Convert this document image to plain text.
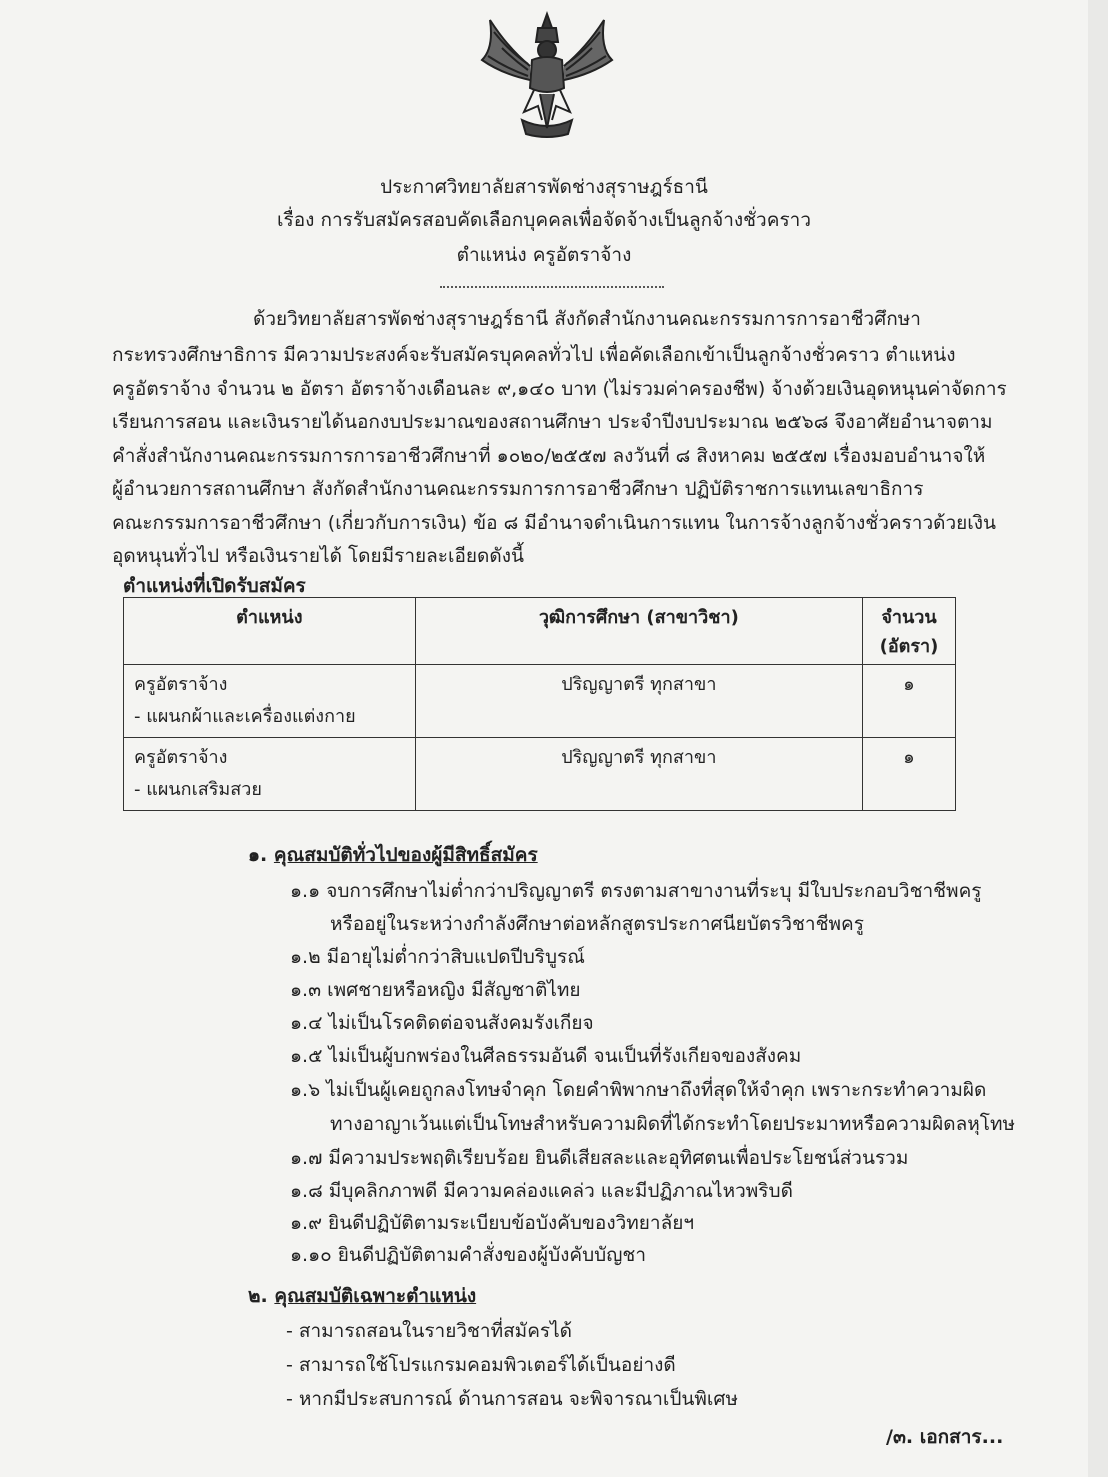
ประกาศวิทยาลัยสารพัดช่างสุราษฎร์ธานี
เรื่อง การรับสมัครสอบคัดเลือกบุคคลเพื่อจัดจ้างเป็นลูกจ้างชั่วคราว
ตำแหน่ง ครูอัตราจ้าง
ด้วยวิทยาลัยสารพัดช่างสุราษฎร์ธานี สังกัดสำนักงานคณะกรรมการการอาชีวศึกษา
กระทรวงศึกษาธิการ มีความประสงค์จะรับสมัครบุคคลทั่วไป เพื่อคัดเลือกเข้าเป็นลูกจ้างชั่วคราว ตำแหน่ง
ครูอัตราจ้าง จำนวน ๒ อัตรา อัตราจ้างเดือนละ ๙,๑๔๐ บาท (ไม่รวมค่าครองชีพ) จ้างด้วยเงินอุดหนุนค่าจัดการ
เรียนการสอน และเงินรายได้นอกงบประมาณของสถานศึกษา ประจำปีงบประมาณ ๒๕๖๘ จึงอาศัยอำนาจตาม
คำสั่งสำนักงานคณะกรรมการการอาชีวศึกษาที่ ๑๐๒๐/๒๕๕๗ ลงวันที่ ๘ สิงหาคม ๒๕๕๗ เรื่องมอบอำนาจให้
ผู้อำนวยการสถานศึกษา สังกัดสำนักงานคณะกรรมการการอาชีวศึกษา ปฏิบัติราชการแทนเลขาธิการ
คณะกรรมการอาชีวศึกษา (เกี่ยวกับการเงิน) ข้อ ๘ มีอำนาจดำเนินการแทน ในการจ้างลูกจ้างชั่วคราวด้วยเงิน
อุดหนุนทั่วไป หรือเงินรายได้ โดยมีรายละเอียดดังนี้
ตำแหน่งที่เปิดรับสมัคร
ตำแหน่ง	วุฒิการศึกษา (สาขาวิชา)	จำนวน
(อัตรา)
ครูอัตราจ้าง
- แผนกผ้าและเครื่องแต่งกาย	ปริญญาตรี ทุกสาขา	๑
ครูอัตราจ้าง
- แผนกเสริมสวย	ปริญญาตรี ทุกสาขา	๑
๑. คุณสมบัติทั่วไปของผู้มีสิทธิ์สมัคร
๑.๑ จบการศึกษาไม่ต่ำกว่าปริญญาตรี ตรงตามสาขางานที่ระบุ มีใบประกอบวิชาชีพครู
หรืออยู่ในระหว่างกำลังศึกษาต่อหลักสูตรประกาศนียบัตรวิชาชีพครู
๑.๒ มีอายุไม่ต่ำกว่าสิบแปดปีบริบูรณ์
๑.๓ เพศชายหรือหญิง มีสัญชาติไทย
๑.๔ ไม่เป็นโรคติดต่อจนสังคมรังเกียจ
๑.๕ ไม่เป็นผู้บกพร่องในศีลธรรมอันดี จนเป็นที่รังเกียจของสังคม
๑.๖ ไม่เป็นผู้เคยถูกลงโทษจำคุก โดยคำพิพากษาถึงที่สุดให้จำคุก เพราะกระทำความผิด
ทางอาญาเว้นแต่เป็นโทษสำหรับความผิดที่ได้กระทำโดยประมาทหรือความผิดลหุโทษ
๑.๗ มีความประพฤติเรียบร้อย ยินดีเสียสละและอุทิศตนเพื่อประโยชน์ส่วนรวม
๑.๘ มีบุคลิกภาพดี มีความคล่องแคล่ว และมีปฏิภาณไหวพริบดี
๑.๙ ยินดีปฏิบัติตามระเบียบข้อบังคับของวิทยาลัยฯ
๑.๑๐ ยินดีปฏิบัติตามคำสั่งของผู้บังคับบัญชา
๒. คุณสมบัติเฉพาะตำแหน่ง
- สามารถสอนในรายวิชาที่สมัครได้
- สามารถใช้โปรแกรมคอมพิวเตอร์ได้เป็นอย่างดี
- หากมีประสบการณ์ ด้านการสอน จะพิจารณาเป็นพิเศษ
/๓. เอกสาร...
